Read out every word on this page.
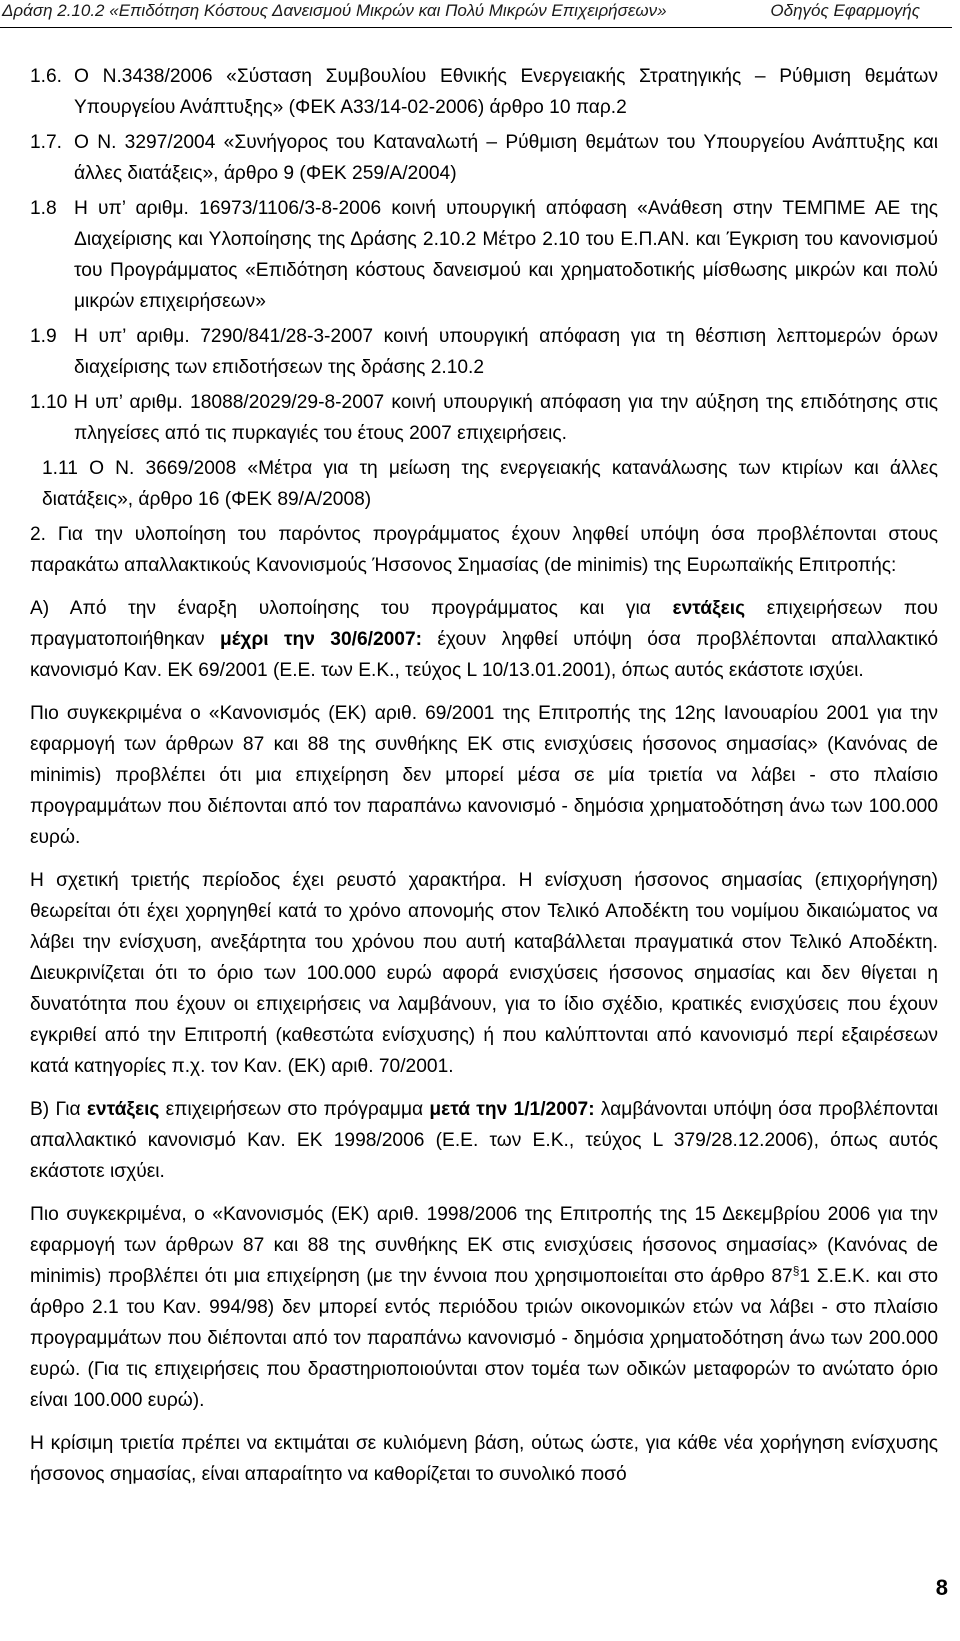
Δράση 2.10.2 «Επιδότηση Κόστους Δανεισμού Μικρών και Πολύ Μικρών Επιχειρήσεων»	Οδηγός Εφαρμογής
1.6. Ο Ν.3438/2006 «Σύσταση Συμβουλίου Εθνικής Ενεργειακής Στρατηγικής – Ρύθμιση θεμάτων Υπουργείου Ανάπτυξης» (ΦΕΚ Α33/14-02-2006) άρθρο 10 παρ.2
1.7. Ο Ν. 3297/2004 «Συνήγορος του Καταναλωτή – Ρύθμιση θεμάτων του Υπουργείου Ανάπτυξης και άλλες διατάξεις», άρθρο 9 (ΦΕΚ 259/Α/2004)
1.8 Η υπ’ αριθμ. 16973/1106/3-8-2006 κοινή υπουργική απόφαση «Ανάθεση στην ΤΕΜΠΜΕ ΑΕ της Διαχείρισης και Υλοποίησης της Δράσης 2.10.2 Μέτρο 2.10 του Ε.Π.ΑΝ. και Έγκριση του κανονισμού του Προγράμματος «Επιδότηση κόστους δανεισμού και χρηματοδοτικής μίσθωσης μικρών και πολύ μικρών επιχειρήσεων»
1.9 Η υπ’ αριθμ. 7290/841/28-3-2007 κοινή υπουργική απόφαση για τη θέσπιση λεπτομερών όρων διαχείρισης των επιδοτήσεων της δράσης 2.10.2
1.10 Η υπ’ αριθμ. 18088/2029/29-8-2007 κοινή υπουργική απόφαση για την αύξηση της επιδότησης στις πληγείσες από τις πυρκαγιές του έτους 2007 επιχειρήσεις.
1.11 Ο Ν. 3669/2008 «Μέτρα για τη μείωση της ενεργειακής κατανάλωσης των κτιρίων και άλλες διατάξεις», άρθρο 16 (ΦΕΚ 89/Α/2008)

2. Για την υλοποίηση του παρόντος προγράμματος έχουν ληφθεί υπόψη όσα προβλέπονται στους παρακάτω απαλλακτικούς Κανονισμούς Ήσσονος Σημασίας (de minimis) της Ευρωπαϊκής Επιτροπής:

Α) Από την έναρξη υλοποίησης του προγράμματος και για εντάξεις επιχειρήσεων που πραγματοποιήθηκαν μέχρι την 30/6/2007: έχουν ληφθεί υπόψη όσα προβλέπονται απαλλακτικό κανονισμό Καν. ΕΚ 69/2001 (Ε.Ε. των Ε.Κ., τεύχος L 10/13.01.2001), όπως αυτός εκάστοτε ισχύει.

Πιο συγκεκριμένα ο «Κανονισμός (ΕΚ) αριθ. 69/2001 της Επιτροπής της 12ης Ιανουαρίου 2001 για την εφαρμογή των άρθρων 87 και 88 της συνθήκης ΕΚ στις ενισχύσεις ήσσονος σημασίας» (Κανόνας de minimis) προβλέπει ότι μια επιχείρηση δεν μπορεί μέσα σε μία τριετία να λάβει - στο πλαίσιο προγραμμάτων που διέπονται από τον παραπάνω κανονισμό - δημόσια χρηματοδότηση άνω των 100.000 ευρώ.

Η σχετική τριετής περίοδος έχει ρευστό χαρακτήρα. Η ενίσχυση ήσσονος σημασίας (επιχορήγηση) θεωρείται ότι έχει χορηγηθεί κατά το χρόνο απονομής στον Τελικό Αποδέκτη του νομίμου δικαιώματος να λάβει την ενίσχυση, ανεξάρτητα του χρόνου που αυτή καταβάλλεται πραγματικά στον Τελικό Αποδέκτη. Διευκρινίζεται ότι το όριο των 100.000 ευρώ αφορά ενισχύσεις ήσσονος σημασίας και δεν θίγεται η δυνατότητα που έχουν οι επιχειρήσεις να λαμβάνουν, για το ίδιο σχέδιο, κρατικές ενισχύσεις που έχουν εγκριθεί από την Επιτροπή (καθεστώτα ενίσχυσης) ή που καλύπτονται από κανονισμό περί εξαιρέσεων κατά κατηγορίες π.χ. τον Καν. (ΕΚ) αριθ. 70/2001.

Β) Για εντάξεις επιχειρήσεων στο πρόγραμμα μετά την 1/1/2007: λαμβάνονται υπόψη όσα προβλέπονται απαλλακτικό κανονισμό Καν. ΕΚ 1998/2006 (Ε.Ε. των Ε.Κ., τεύχος L 379/28.12.2006), όπως αυτός εκάστοτε ισχύει.

Πιο συγκεκριμένα, ο «Κανονισμός (ΕΚ) αριθ. 1998/2006 της Επιτροπής της 15 Δεκεμβρίου 2006 για την εφαρμογή των άρθρων 87 και 88 της συνθήκης ΕΚ στις ενισχύσεις ήσσονος σημασίας» (Κανόνας de minimis) προβλέπει ότι μια επιχείρηση (με την έννοια που χρησιμοποιείται στο άρθρο 87§1 Σ.Ε.Κ. και στο άρθρο 2.1 του Καν. 994/98) δεν μπορεί εντός περιόδου τριών οικονομικών ετών να λάβει - στο πλαίσιο προγραμμάτων που διέπονται από τον παραπάνω κανονισμό - δημόσια χρηματοδότηση άνω των 200.000 ευρώ. (Για τις επιχειρήσεις που δραστηριοποιούνται στον τομέα των οδικών μεταφορών το ανώτατο όριο είναι 100.000 ευρώ).

Η κρίσιμη τριετία πρέπει να εκτιμάται σε κυλιόμενη βάση, ούτως ώστε, για κάθε νέα χορήγηση ενίσχυσης ήσσονος σημασίας, είναι απαραίτητο να καθορίζεται το συνολικό ποσό

8
